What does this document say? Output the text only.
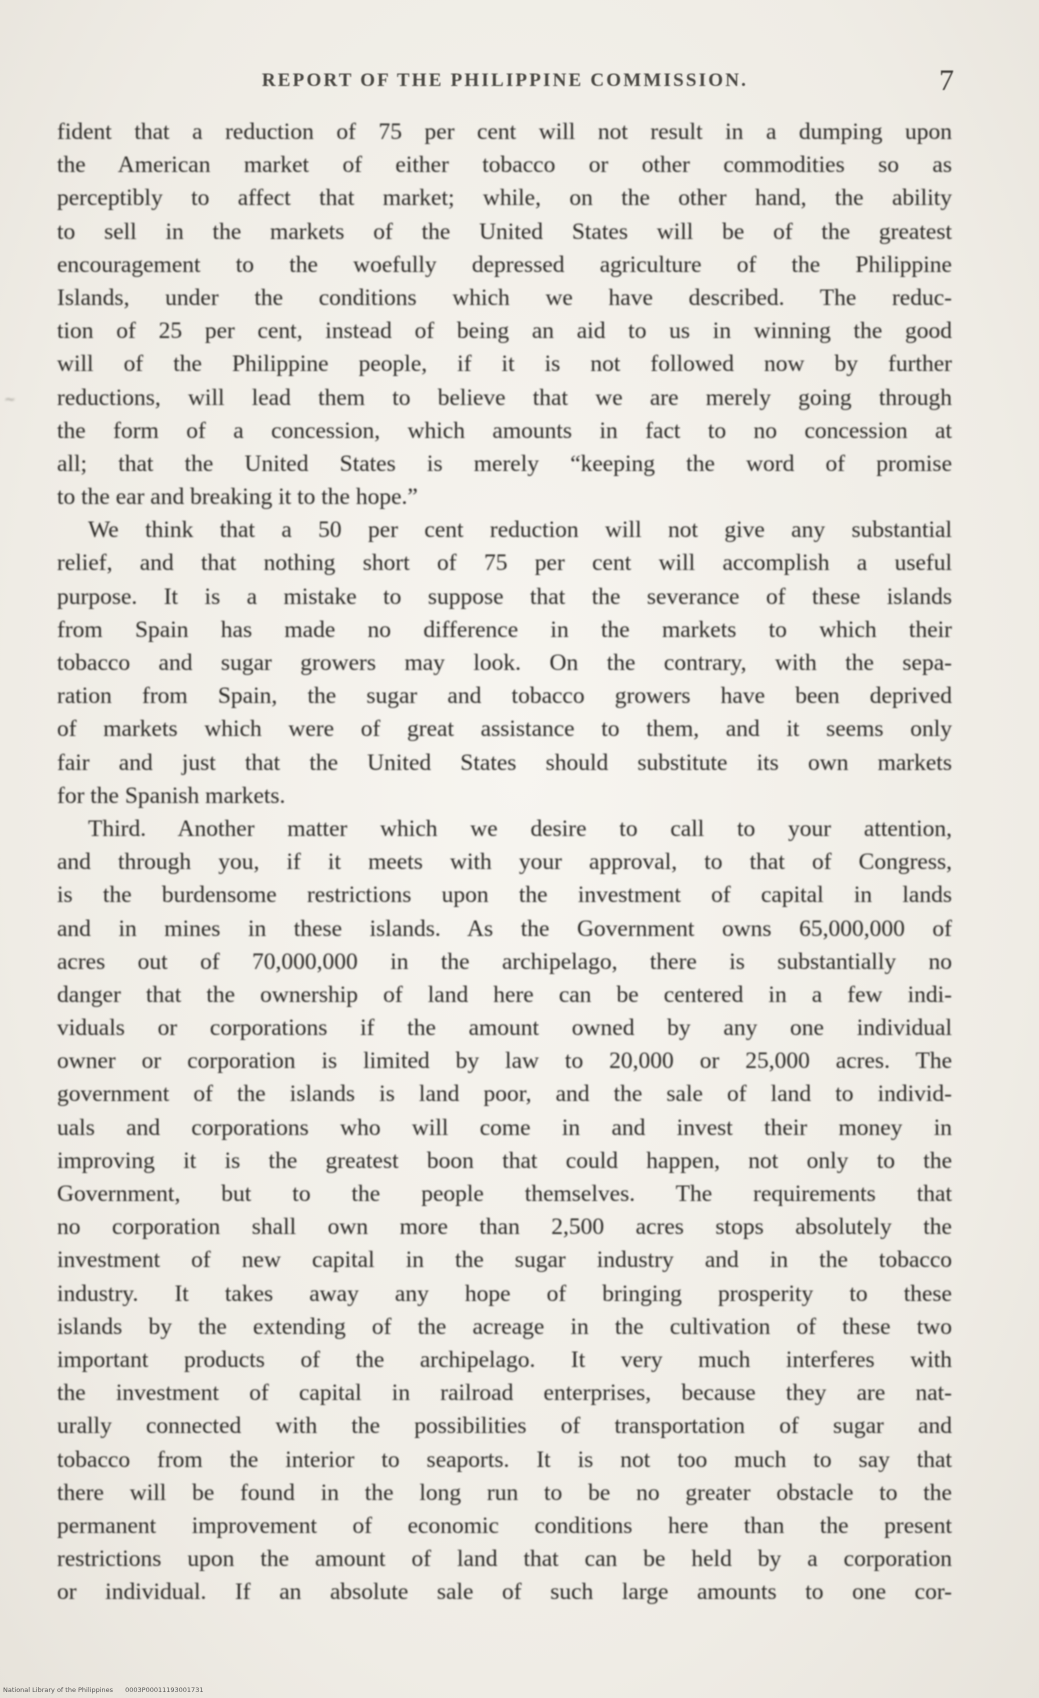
REPORT OF THE PHILIPPINE COMMISSION.	7
~
fident that a reduction of 75 per cent will not result in a dumping upon
the American market of either tobacco or other commodities so as
perceptibly to affect that market; while, on the other hand, the ability
to sell in the markets of the United States will be of the greatest
encouragement to the woefully depressed agriculture of the Philippine
Islands, under the conditions which we have described. The reduc-
tion of 25 per cent, instead of being an aid to us in winning the good
will of the Philippine people, if it is not followed now by further
reductions, will lead them to believe that we are merely going through
the form of a concession, which amounts in fact to no concession at
all; that the United States is merely “keeping the word of promise
to the ear and breaking it to the hope.”
We think that a 50 per cent reduction will not give any substantial
relief, and that nothing short of 75 per cent will accomplish a useful
purpose. It is a mistake to suppose that the severance of these islands
from Spain has made no difference in the markets to which their
tobacco and sugar growers may look. On the contrary, with the sepa-
ration from Spain, the sugar and tobacco growers have been deprived
of markets which were of great assistance to them, and it seems only
fair and just that the United States should substitute its own markets
for the Spanish markets.
Third. Another matter which we desire to call to your attention,
and through you, if it meets with your approval, to that of Congress,
is the burdensome restrictions upon the investment of capital in lands
and in mines in these islands. As the Government owns 65,000,000 of
acres out of 70,000,000 in the archipelago, there is substantially no
danger that the ownership of land here can be centered in a few indi-
viduals or corporations if the amount owned by any one individual
owner or corporation is limited by law to 20,000 or 25,000 acres. The
government of the islands is land poor, and the sale of land to individ-
uals and corporations who will come in and invest their money in
improving it is the greatest boon that could happen, not only to the
Government, but to the people themselves. The requirements that
no corporation shall own more than 2,500 acres stops absolutely the
investment of new capital in the sugar industry and in the tobacco
industry. It takes away any hope of bringing prosperity to these
islands by the extending of the acreage in the cultivation of these two
important products of the archipelago. It very much interferes with
the investment of capital in railroad enterprises, because they are nat-
urally connected with the possibilities of transportation of sugar and
tobacco from the interior to seaports. It is not too much to say that
there will be found in the long run to be no greater obstacle to the
permanent improvement of economic conditions here than the present
restrictions upon the amount of land that can be held by a corporation
or individual. If an absolute sale of such large amounts to one cor-
National Library of the Philippines 0003P00011193001731
